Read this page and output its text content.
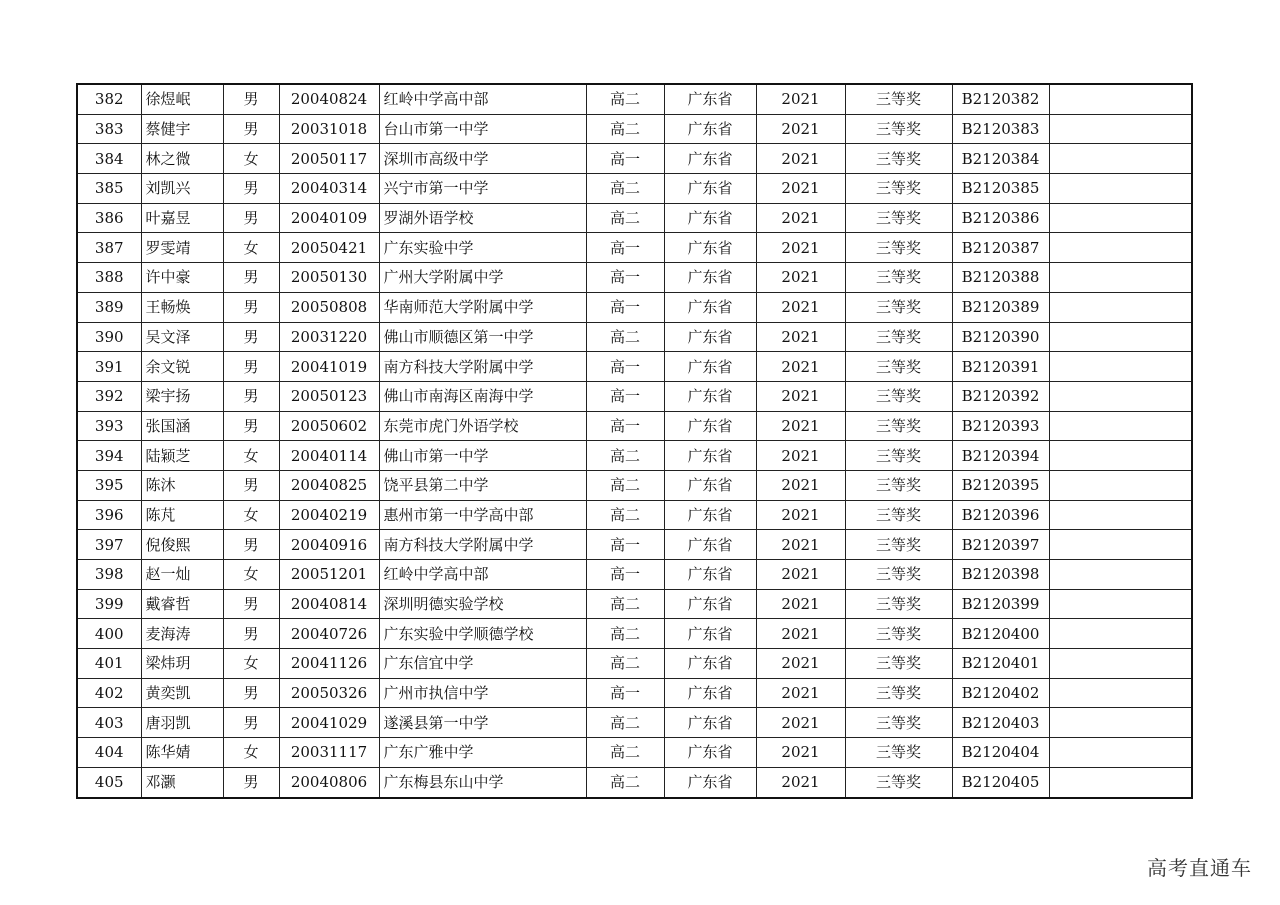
382	徐煜岷	男	20040824	红岭中学高中部	高二	广东省	2021	三等奖	B2120382	
383	蔡健宇	男	20031018	台山市第一中学	高二	广东省	2021	三等奖	B2120383	
384	林之微	女	20050117	深圳市高级中学	高一	广东省	2021	三等奖	B2120384	
385	刘凯兴	男	20040314	兴宁市第一中学	高二	广东省	2021	三等奖	B2120385	
386	叶嘉昱	男	20040109	罗湖外语学校	高二	广东省	2021	三等奖	B2120386	
387	罗雯靖	女	20050421	广东实验中学	高一	广东省	2021	三等奖	B2120387	
388	许中豪	男	20050130	广州大学附属中学	高一	广东省	2021	三等奖	B2120388	
389	王畅焕	男	20050808	华南师范大学附属中学	高一	广东省	2021	三等奖	B2120389	
390	吴文泽	男	20031220	佛山市顺德区第一中学	高二	广东省	2021	三等奖	B2120390	
391	余文锐	男	20041019	南方科技大学附属中学	高一	广东省	2021	三等奖	B2120391	
392	梁宇扬	男	20050123	佛山市南海区南海中学	高一	广东省	2021	三等奖	B2120392	
393	张国涵	男	20050602	东莞市虎门外语学校	高一	广东省	2021	三等奖	B2120393	
394	陆颖芝	女	20040114	佛山市第一中学	高二	广东省	2021	三等奖	B2120394	
395	陈沐	男	20040825	饶平县第二中学	高二	广东省	2021	三等奖	B2120395	
396	陈芃	女	20040219	惠州市第一中学高中部	高二	广东省	2021	三等奖	B2120396	
397	倪俊熙	男	20040916	南方科技大学附属中学	高一	广东省	2021	三等奖	B2120397	
398	赵一灿	女	20051201	红岭中学高中部	高一	广东省	2021	三等奖	B2120398	
399	戴睿哲	男	20040814	深圳明德实验学校	高二	广东省	2021	三等奖	B2120399	
400	麦海涛	男	20040726	广东实验中学顺德学校	高二	广东省	2021	三等奖	B2120400	
401	梁炜玥	女	20041126	广东信宜中学	高二	广东省	2021	三等奖	B2120401	
402	黄奕凯	男	20050326	广州市执信中学	高一	广东省	2021	三等奖	B2120402	
403	唐羽凯	男	20041029	遂溪县第一中学	高二	广东省	2021	三等奖	B2120403	
404	陈华婧	女	20031117	广东广雅中学	高二	广东省	2021	三等奖	B2120404	
405	邓灏	男	20040806	广东梅县东山中学	高二	广东省	2021	三等奖	B2120405	
高考直通车
